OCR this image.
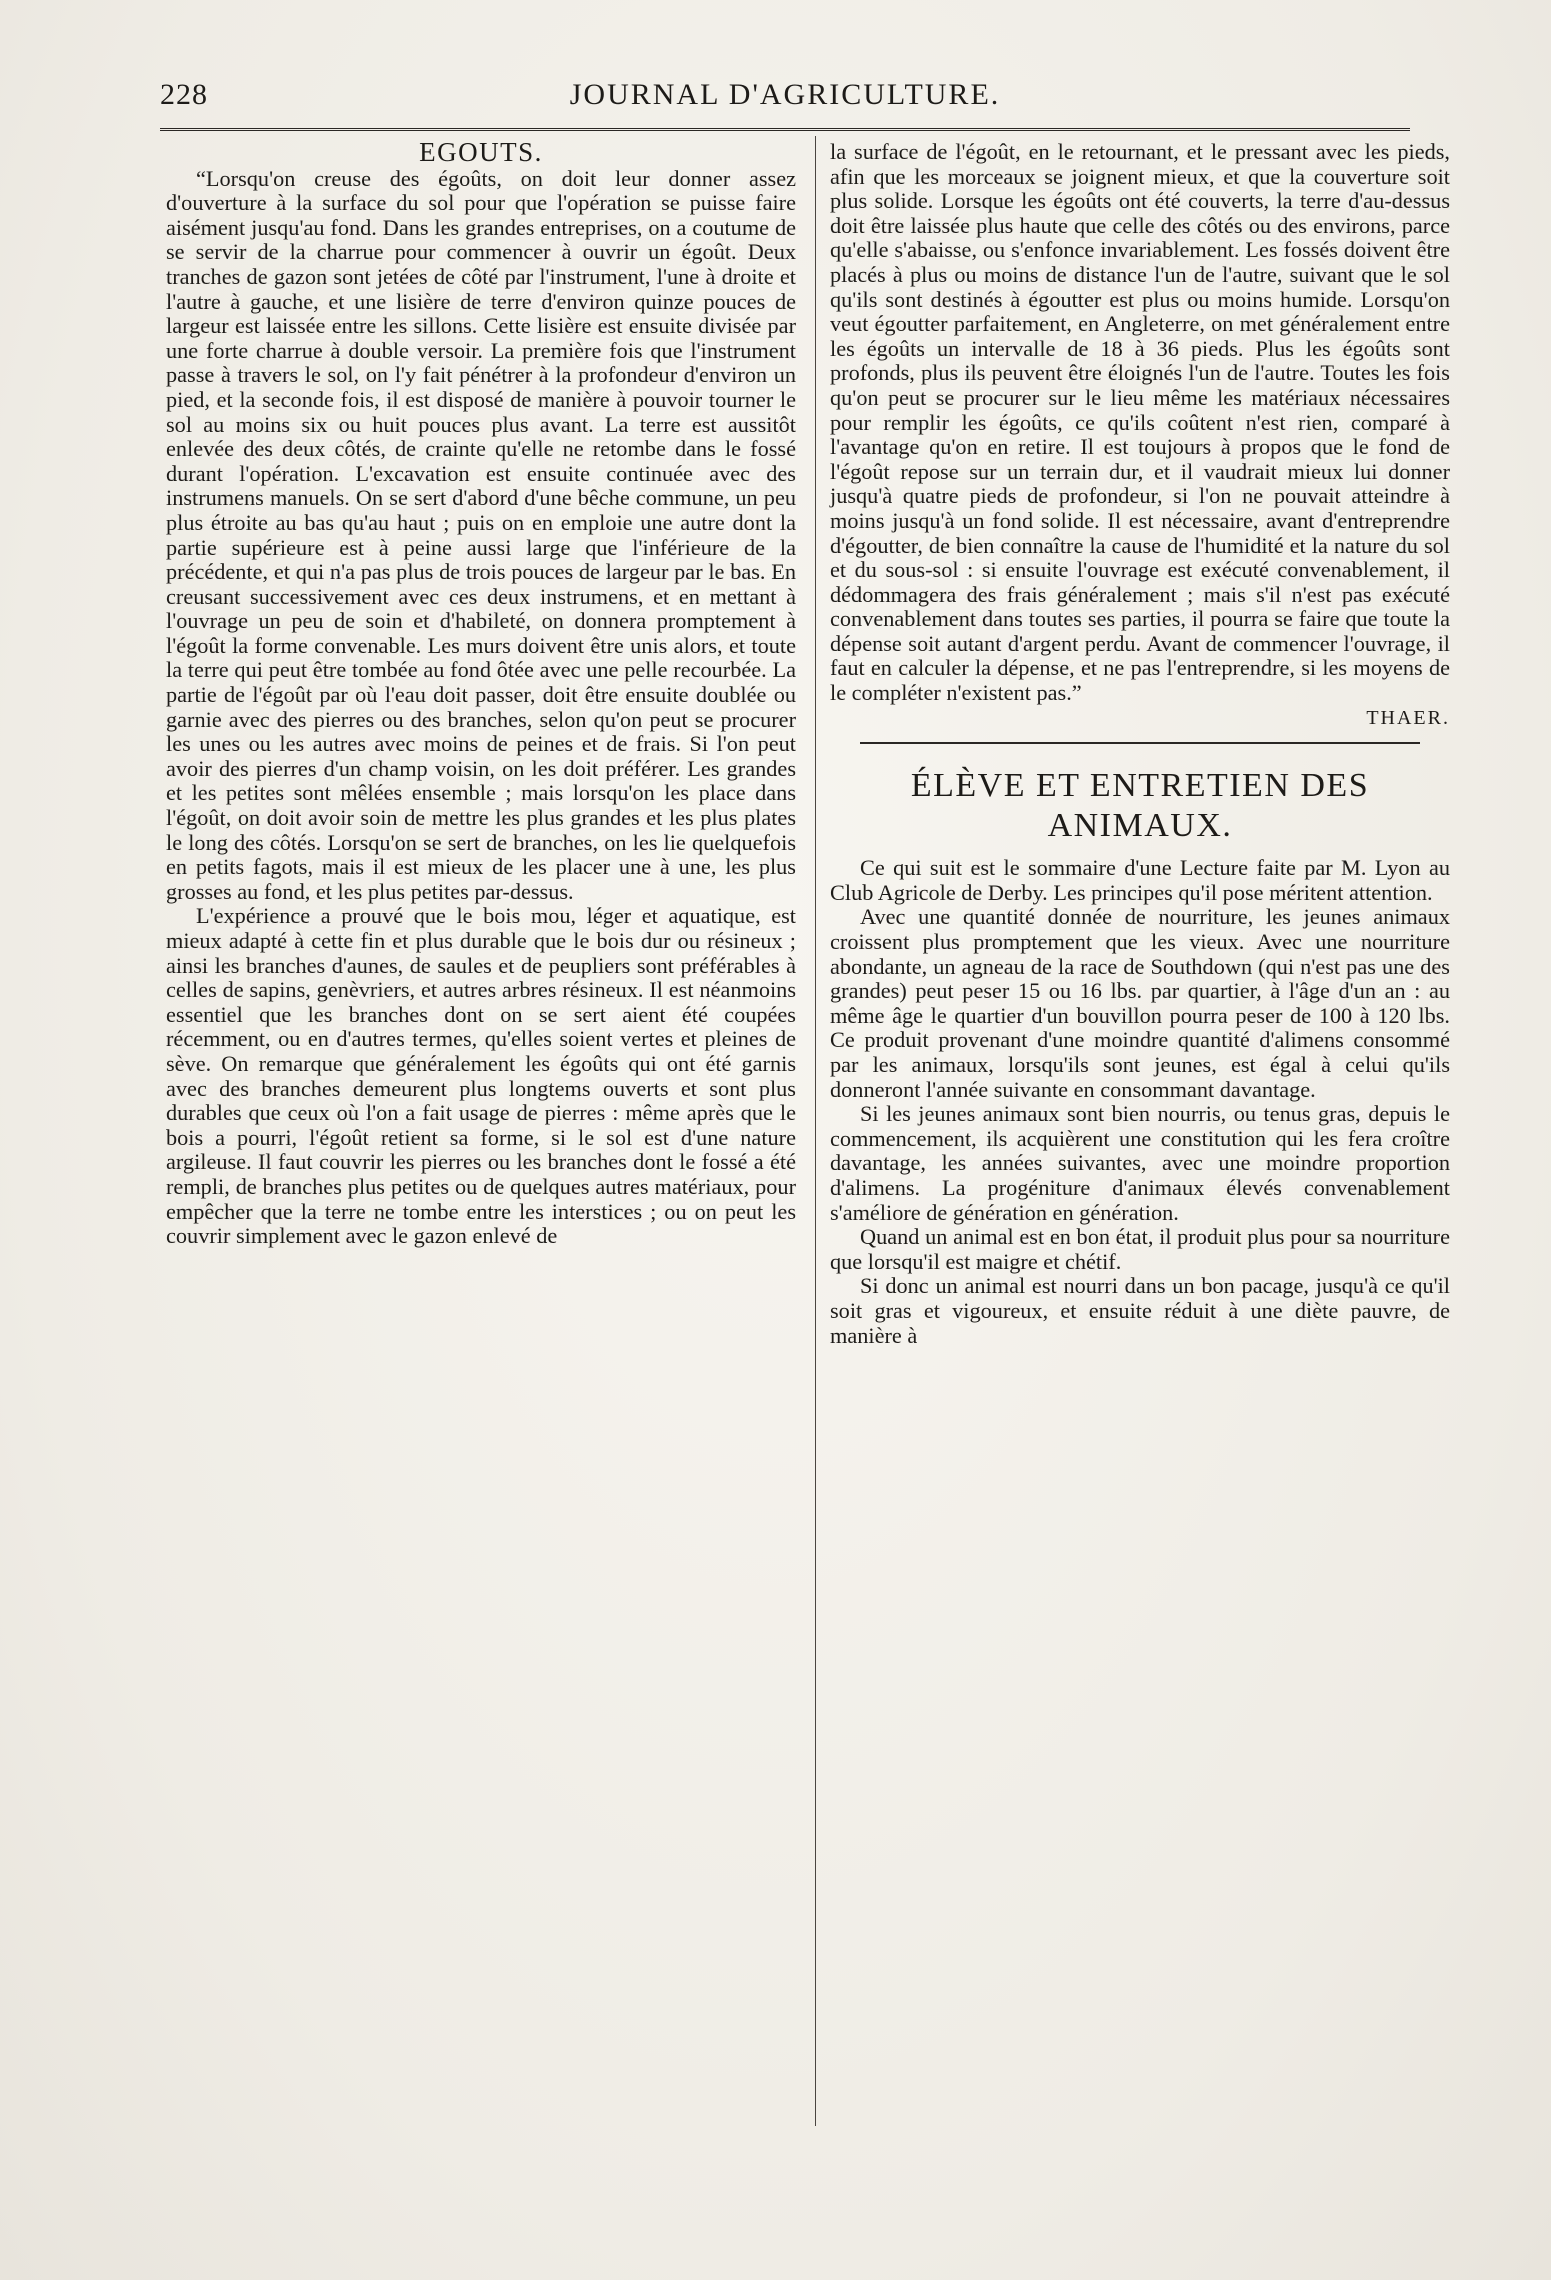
228	JOURNAL D'AGRICULTURE.
EGOUTS.

“Lorsqu'on creuse des égoûts, on doit leur donner assez d'ouverture à la surface du sol pour que l'opération se puisse faire aisément jusqu'au fond. Dans les grandes entreprises, on a coutume de se servir de la charrue pour commencer à ouvrir un égoût. Deux tranches de gazon sont jetées de côté par l'instrument, l'une à droite et l'autre à gauche, et une lisière de terre d'environ quinze pouces de largeur est laissée entre les sillons. Cette lisière est ensuite divisée par une forte charrue à double versoir. La première fois que l'instrument passe à travers le sol, on l'y fait pénétrer à la profondeur d'environ un pied, et la seconde fois, il est disposé de manière à pouvoir tourner le sol au moins six ou huit pouces plus avant. La terre est aussitôt enlevée des deux côtés, de crainte qu'elle ne retombe dans le fossé durant l'opération. L'excavation est ensuite continuée avec des instrumens manuels. On se sert d'abord d'une bêche commune, un peu plus étroite au bas qu'au haut ; puis on en emploie une autre dont la partie supérieure est à peine aussi large que l'inférieure de la précédente, et qui n'a pas plus de trois pouces de largeur par le bas. En creusant successivement avec ces deux instrumens, et en mettant à l'ouvrage un peu de soin et d'habileté, on donnera promptement à l'égoût la forme convenable. Les murs doivent être unis alors, et toute la terre qui peut être tombée au fond ôtée avec une pelle recourbée. La partie de l'égoût par où l'eau doit passer, doit être ensuite doublée ou garnie avec des pierres ou des branches, selon qu'on peut se procurer les unes ou les autres avec moins de peines et de frais. Si l'on peut avoir des pierres d'un champ voisin, on les doit préférer. Les grandes et les petites sont mêlées ensemble ; mais lorsqu'on les place dans l'égoût, on doit avoir soin de mettre les plus grandes et les plus plates le long des côtés. Lorsqu'on se sert de branches, on les lie quelquefois en petits fagots, mais il est mieux de les placer une à une, les plus grosses au fond, et les plus petites par-dessus.

L'expérience a prouvé que le bois mou, léger et aquatique, est mieux adapté à cette fin et plus durable que le bois dur ou résineux ; ainsi les branches d'aunes, de saules et de peupliers sont préférables à celles de sapins, genèvriers, et autres arbres résineux. Il est néanmoins essentiel que les branches dont on se sert aient été coupées récemment, ou en d'autres termes, qu'elles soient vertes et pleines de sève. On remarque que généralement les égoûts qui ont été garnis avec des branches demeurent plus longtems ouverts et sont plus durables que ceux où l'on a fait usage de pierres : même après que le bois a pourri, l'égoût retient sa forme, si le sol est d'une nature argileuse. Il faut couvrir les pierres ou les branches dont le fossé a été rempli, de branches plus petites ou de quelques autres matériaux, pour empêcher que la terre ne tombe entre les interstices ; ou on peut les couvrir simplement avec le gazon enlevé de

la surface de l'égoût, en le retournant, et le pressant avec les pieds, afin que les morceaux se joignent mieux, et que la couverture soit plus solide. Lorsque les égoûts ont été couverts, la terre d'au-dessus doit être laissée plus haute que celle des côtés ou des environs, parce qu'elle s'abaisse, ou s'enfonce invariablement. Les fossés doivent être placés à plus ou moins de distance l'un de l'autre, suivant que le sol qu'ils sont destinés à égoutter est plus ou moins humide. Lorsqu'on veut égoutter parfaitement, en Angleterre, on met généralement entre les égoûts un intervalle de 18 à 36 pieds. Plus les égoûts sont profonds, plus ils peuvent être éloignés l'un de l'autre. Toutes les fois qu'on peut se procurer sur le lieu même les matériaux nécessaires pour remplir les égoûts, ce qu'ils coûtent n'est rien, comparé à l'avantage qu'on en retire. Il est toujours à propos que le fond de l'égoût repose sur un terrain dur, et il vaudrait mieux lui donner jusqu'à quatre pieds de profondeur, si l'on ne pouvait atteindre à moins jusqu'à un fond solide. Il est nécessaire, avant d'entreprendre d'égoutter, de bien connaître la cause de l'humidité et la nature du sol et du sous-sol : si ensuite l'ouvrage est exécuté convenablement, il dédommagera des frais généralement ; mais s'il n'est pas exécuté convenablement dans toutes ses parties, il pourra se faire que toute la dépense soit autant d'argent perdu. Avant de commencer l'ouvrage, il faut en calculer la dépense, et ne pas l'entreprendre, si les moyens de le compléter n'existent pas.”

THAER.
ÉLÈVE ET ENTRETIEN DES ANIMAUX.

Ce qui suit est le sommaire d'une Lecture faite par M. Lyon au Club Agricole de Derby. Les principes qu'il pose méritent attention.

Avec une quantité donnée de nourriture, les jeunes animaux croissent plus promptement que les vieux. Avec une nourriture abondante, un agneau de la race de Southdown (qui n'est pas une des grandes) peut peser 15 ou 16 lbs. par quartier, à l'âge d'un an : au même âge le quartier d'un bouvillon pourra peser de 100 à 120 lbs. Ce produit provenant d'une moindre quantité d'alimens consommé par les animaux, lorsqu'ils sont jeunes, est égal à celui qu'ils donneront l'année suivante en consommant davantage.

Si les jeunes animaux sont bien nourris, ou tenus gras, depuis le commencement, ils acquièrent une constitution qui les fera croître davantage, les années suivantes, avec une moindre proportion d'alimens. La progéniture d'animaux élevés convenablement s'améliore de génération en génération.

Quand un animal est en bon état, il produit plus pour sa nourriture que lorsqu'il est maigre et chétif.

Si donc un animal est nourri dans un bon pacage, jusqu'à ce qu'il soit gras et vigoureux, et ensuite réduit à une diète pauvre, de manière à
